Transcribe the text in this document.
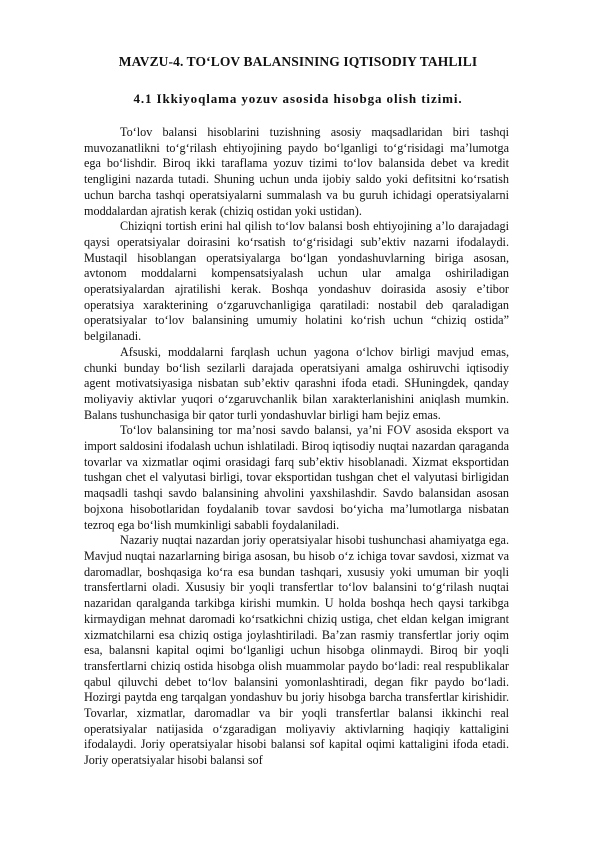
MAVZU-4. TO‘LOV BALANSINING IQTISODIY TAHLILI
4.1 Ikkiyoqlama yozuv asosida hisobga olish tizimi.

To‘lov balansi hisoblarini tuzishning asosiy maqsadlaridan biri tashqi muvozanatlikni to‘g‘rilash ehtiyojining paydo bo‘lganligi to‘g‘risidagi ma’lumotga ega bo‘lishdir. Biroq ikki taraflama yozuv tizimi to‘lov balansida debet va kredit tengligini nazarda tutadi. Shuning uchun unda ijobiy saldo yoki defitsitni ko‘rsatish uchun barcha tashqi operatsiyalarni summalash va bu guruh ichidagi operatsiyalarni moddalardan ajratish kerak (chiziq ostidan yoki ustidan).

Chiziqni tortish erini hal qilish to‘lov balansi bosh ehtiyojining a’lo darajadagi qaysi operatsiyalar doirasini ko‘rsatish to‘g‘risidagi sub’ektiv nazarni ifodalaydi. Mustaqil hisoblangan operatsiyalarga bo‘lgan yondashuvlarning biriga asosan, avtonom moddalarni kompensatsiyalash uchun ular amalga oshiriladigan operatsiyalardan ajratilishi kerak. Boshqa yondashuv doirasida asosiy e’tibor operatsiya xarakterining o‘zgaruvchanligiga qaratiladi: nostabil deb qaraladigan operatsiyalar to‘lov balansining umumiy holatini ko‘rish uchun “chiziq ostida” belgilanadi.

Afsuski, moddalarni farqlash uchun yagona o‘lchov birligi mavjud emas, chunki bunday bo‘lish sezilarli darajada operatsiyani amalga oshiruvchi iqtisodiy agent motivatsiyasiga nisbatan sub’ektiv qarashni ifoda etadi. SHuningdek, qanday moliyaviy aktivlar yuqori o‘zgaruvchanlik bilan xarakterlanishini aniqlash mumkin. Balans tushunchasiga bir qator turli yondashuvlar birligi ham bejiz emas.

To‘lov balansining tor ma’nosi savdo balansi, ya’ni FOV asosida eksport va import saldosini ifodalash uchun ishlatiladi. Biroq iqtisodiy nuqtai nazardan qaraganda tovarlar va xizmatlar oqimi orasidagi farq sub’ektiv hisoblanadi. Xizmat eksportidan tushgan chet el valyutasi birligi, tovar eksportidan tushgan chet el valyutasi birligidan maqsadli tashqi savdo balansining ahvolini yaxshilashdir. Savdo balansidan asosan bojxona hisobotlaridan foydalanib tovar savdosi bo‘yicha ma’lumotlarga nisbatan tezroq ega bo‘lish mumkinligi sababli foydalaniladi.

Nazariy nuqtai nazardan joriy operatsiyalar hisobi tushunchasi ahamiyatga ega. Mavjud nuqtai nazarlarning biriga asosan, bu hisob o‘z ichiga tovar savdosi, xizmat va daromadlar, boshqasiga ko‘ra esa bundan tashqari, xususiy yoki umuman bir yoqli transfertlarni oladi. Xususiy bir yoqli transfertlar to‘lov balansini to‘g‘rilash nuqtai nazaridan qaralganda tarkibga kirishi mumkin. U holda boshqa hech qaysi tarkibga kirmaydigan mehnat daromadi ko‘rsatkichni chiziq ustiga, chet eldan kelgan imigrant xizmatchilarni esa chiziq ostiga joylashtiriladi. Ba’zan rasmiy transfertlar joriy oqim esa, balansni kapital oqimi bo‘lganligi uchun hisobga olinmaydi. Biroq bir yoqli transfertlarni chiziq ostida hisobga olish muammolar paydo bo‘ladi: real respublikalar qabul qiluvchi debet to‘lov balansini yomonlashtiradi, degan fikr paydo bo‘ladi. Hozirgi paytda eng tarqalgan yondashuv bu joriy hisobga barcha transfertlar kirishidir. Tovarlar, xizmatlar, daromadlar va bir yoqli transfertlar balansi ikkinchi real operatsiyalar natijasida o‘zgaradigan moliyaviy aktivlarning haqiqiy kattaligini ifodalaydi. Joriy operatsiyalar hisobi balansi sof kapital oqimi kattaligini ifoda etadi. Joriy operatsiyalar hisobi balansi sof
